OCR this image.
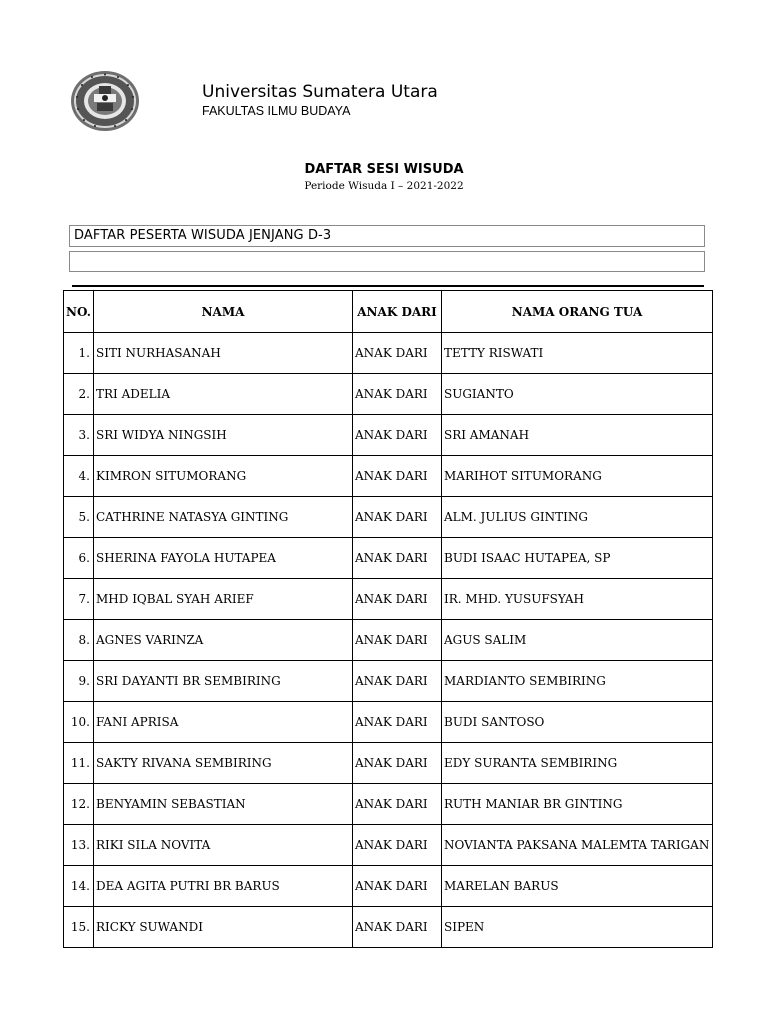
Universitas Sumatera Utara
FAKULTAS ILMU BUDAYA
DAFTAR SESI WISUDA
Periode Wisuda I – 2021-2022
DAFTAR PESERTA WISUDA JENJANG D-3
NO.	NAMA	ANAK DARI	NAMA ORANG TUA
1.	SITI NURHASANAH	ANAK DARI	TETTY RISWATI
2.	TRI ADELIA	ANAK DARI	SUGIANTO
3.	SRI WIDYA NINGSIH	ANAK DARI	SRI AMANAH
4.	KIMRON SITUMORANG	ANAK DARI	MARIHOT SITUMORANG
5.	CATHRINE NATASYA GINTING	ANAK DARI	ALM. JULIUS GINTING
6.	SHERINA FAYOLA HUTAPEA	ANAK DARI	BUDI ISAAC HUTAPEA, SP
7.	MHD IQBAL SYAH ARIEF	ANAK DARI	IR. MHD. YUSUFSYAH
8.	AGNES VARINZA	ANAK DARI	AGUS SALIM
9.	SRI DAYANTI BR SEMBIRING	ANAK DARI	MARDIANTO SEMBIRING
10.	FANI APRISA	ANAK DARI	BUDI SANTOSO
11.	SAKTY RIVANA SEMBIRING	ANAK DARI	EDY SURANTA SEMBIRING
12.	BENYAMIN SEBASTIAN	ANAK DARI	RUTH MANIAR BR GINTING
13.	RIKI SILA NOVITA	ANAK DARI	NOVIANTA PAKSANA MALEMTA TARIGAN
14.	DEA AGITA PUTRI BR BARUS	ANAK DARI	MARELAN BARUS
15.	RICKY SUWANDI	ANAK DARI	SIPEN
